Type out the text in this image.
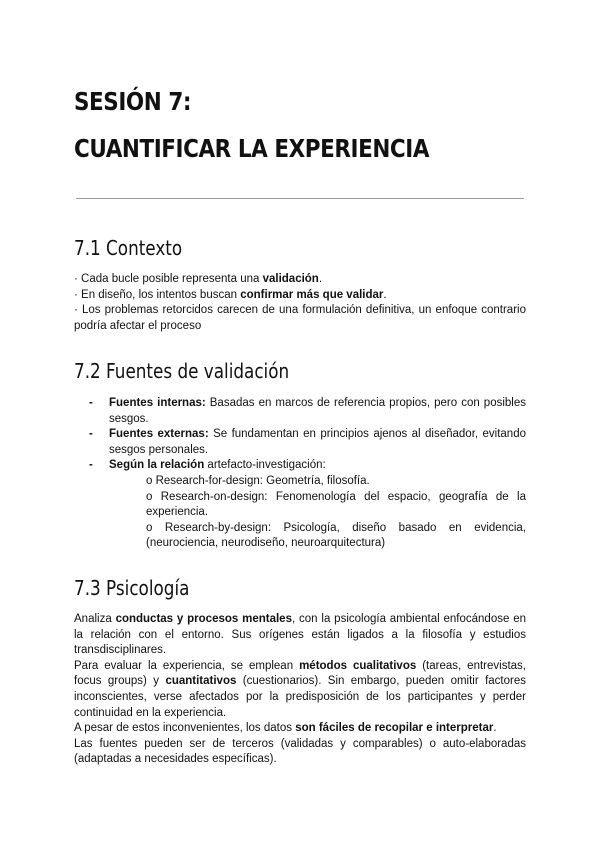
SESIÓN 7:
CUANTIFICAR LA EXPERIENCIA
7.1 Contexto

· Cada bucle posible representa una validación.

· En diseño, los intentos buscan confirmar más que validar.

· Los problemas retorcidos carecen de una formulación definitiva, un enfoque contrario podría afectar el proceso

7.2 Fuentes de validación
- Fuentes internas: Basadas en marcos de referencia propios, pero con posibles sesgos.
- Fuentes externas: Se fundamentan en principios ajenos al diseñador, evitando sesgos personales.
- Según la relación artefacto-investigación:
o Research-for-design: Geometría, filosofía.
o Research-on-design: Fenomenología del espacio, geografía de la experiencia.
o Research-by-design: Psicología, diseño basado en evidencia, (neurociencia, neurodiseño, neuroarquitectura)
7.3 Psicología

Analiza conductas y procesos mentales, con la psicología ambiental enfocándose en la relación con el entorno. Sus orígenes están ligados a la filosofía y estudios transdisciplinares.

Para evaluar la experiencia, se emplean métodos cualitativos (tareas, entrevistas, focus groups) y cuantitativos (cuestionarios). Sin embargo, pueden omitir factores inconscientes, verse afectados por la predisposición de los participantes y perder continuidad en la experiencia.

A pesar de estos inconvenientes, los datos son fáciles de recopilar e interpretar.

Las fuentes pueden ser de terceros (validadas y comparables) o auto-elaboradas (adaptadas a necesidades específicas).
